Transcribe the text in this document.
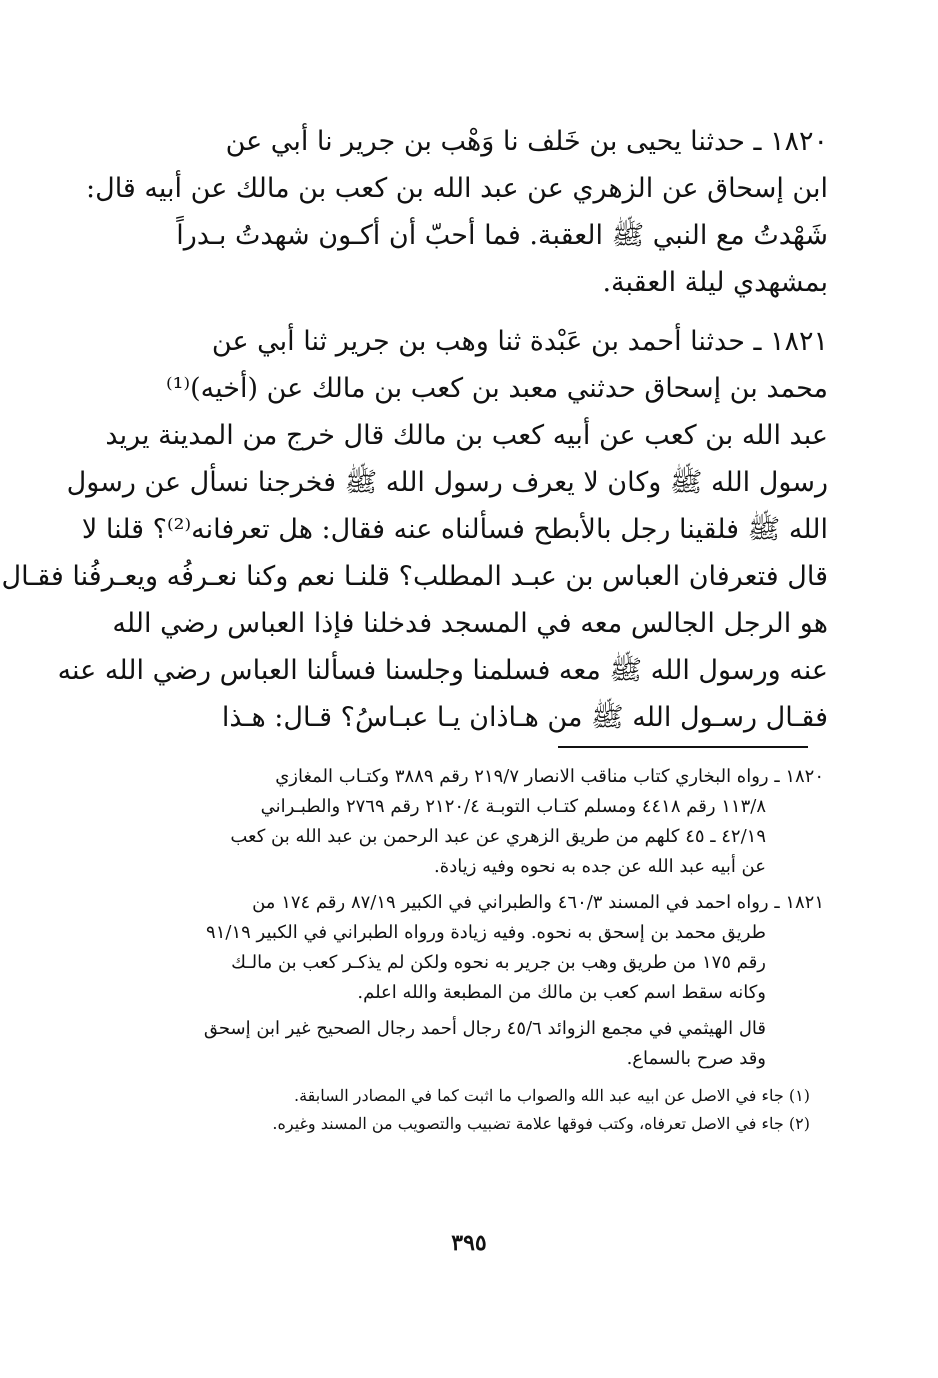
١٨٢٠ ـ حدثنا يحيى بن خَلف نا وَهْب بن جرير نا أبي عن
ابن إسحاق عن الزهري عن عبد الله بن كعب بن مالك عن أبيه قال:
شَهْدتُ مع النبي ﷺ العقبة. فما أحبّ أن أكـون شهدتُ بـدراً
بمشهدي ليلة العقبة.
١٨٢١ ـ حدثنا أحمد بن عَبْدة ثنا وهب بن جرير ثنا أبي عن
محمد بن إسحاق حدثني معبد بن كعب بن مالك عن (أخيه)⁽¹⁾
عبد الله بن كعب عن أبيه كعب بن مالك قال خرج من المدينة يريد
رسول الله ﷺ وكان لا يعرف رسول الله ﷺ فخرجنا نسأل عن رسول
الله ﷺ فلقينا رجل بالأبطح فسألناه عنه فقال: هل تعرفانه⁽²⁾؟ قلنا لا
قال فتعرفان العباس بن عبـد المطلب؟ قلنـا نعم وكنا نعـرفُه ويعـرفُنا فقـال
هو الرجل الجالس معه في المسجد فدخلنا فإذا العباس رضي الله
عنه ورسول الله ﷺ معه فسلمنا وجلسنا فسألنا العباس رضي الله عنه
فقـال رسـول الله ﷺ من هـاذان يـا عبـاسُ؟ قـال: هـذا
١٨٢٠ ـ رواه البخاري كتاب مناقب الانصار ٢١٩/٧ رقم ٣٨٨٩ وكتـاب المغازي
١١٣/٨ رقم ٤٤١٨ ومسلم كتـاب التوبـة ٢١٢٠/٤ رقم ٢٧٦٩ والطبـراني
٤٢/١٩ ـ ٤٥ كلهم من طريق الزهري عن عبد الرحمن بن عبد الله بن كعب
عن أبيه عبد الله عن جده به نحوه وفيه زيادة.
١٨٢١ ـ رواه احمد في المسند ٤٦٠/٣ والطبراني في الكبير ٨٧/١٩ رقم ١٧٤ من
طريق محمد بن إسحق به نحوه. وفيه زيادة ورواه الطبراني في الكبير ٩١/١٩
رقم ١٧٥ من طريق وهب بن جرير به نحوه ولكن لم يذكـر كعب بن مالـك
وكانه سقط اسم كعب بن مالك من المطبعة والله اعلم.
قال الهيثمي في مجمع الزوائد ٤٥/٦ رجال أحمد رجال الصحيح غير ابن إسحق
وقد صرح بالسماع.
(١) جاء في الاصل عن ابيه عبد الله والصواب ما اثبت كما في المصادر السابقة.
(٢) جاء في الاصل تعرفاه، وكتب فوقها علامة تضبيب والتصويب من المسند وغيره.
٣٩٥
